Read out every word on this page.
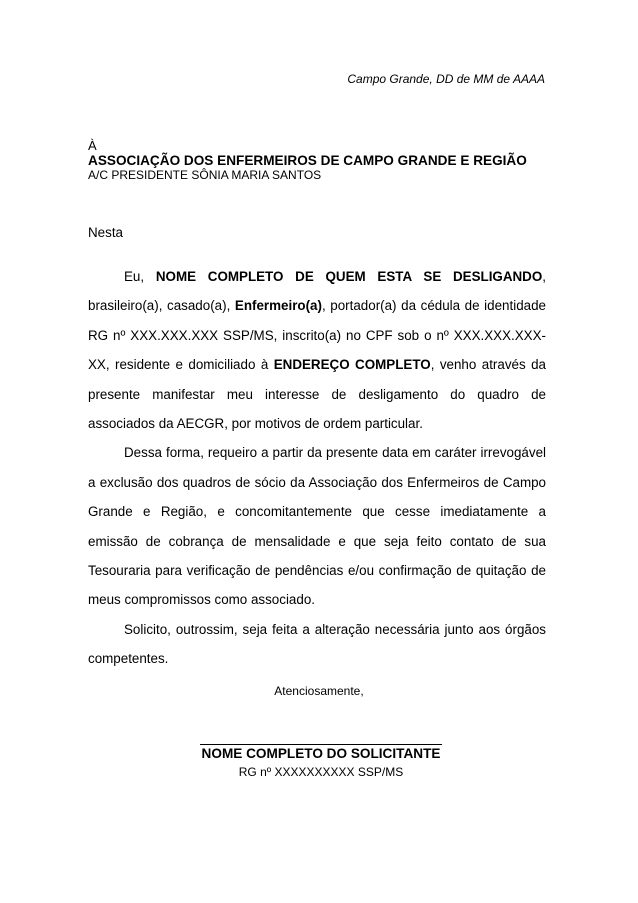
Campo Grande, DD de MM de AAAA
À
ASSOCIAÇÃO DOS ENFERMEIROS DE CAMPO GRANDE E REGIÃO
A/C PRESIDENTE SÔNIA MARIA SANTOS
Nesta

Eu, NOME COMPLETO DE QUEM ESTA SE DESLIGANDO, brasileiro(a), casado(a), Enfermeiro(a), portador(a) da cédula de identidade RG nº XXX.XXX.XXX SSP/MS, inscrito(a) no CPF sob o nº XXX.XXX.XXX-XX, residente e domiciliado à ENDEREÇO COMPLETO, venho através da presente manifestar meu interesse de desligamento do quadro de associados da AECGR, por motivos de ordem particular.

Dessa forma, requeiro a partir da presente data em caráter irrevogável a exclusão dos quadros de sócio da Associação dos Enfermeiros de Campo Grande e Região, e concomitantemente que cesse imediatamente a emissão de cobrança de mensalidade e que seja feito contato de sua Tesouraria para verificação de pendências e/ou confirmação de quitação de meus compromissos como associado.

Solicito, outrossim, seja feita a alteração necessária junto aos órgãos competentes.

Atenciosamente,
NOME COMPLETO DO SOLICITANTE
RG nº XXXXXXXXXX SSP/MS
